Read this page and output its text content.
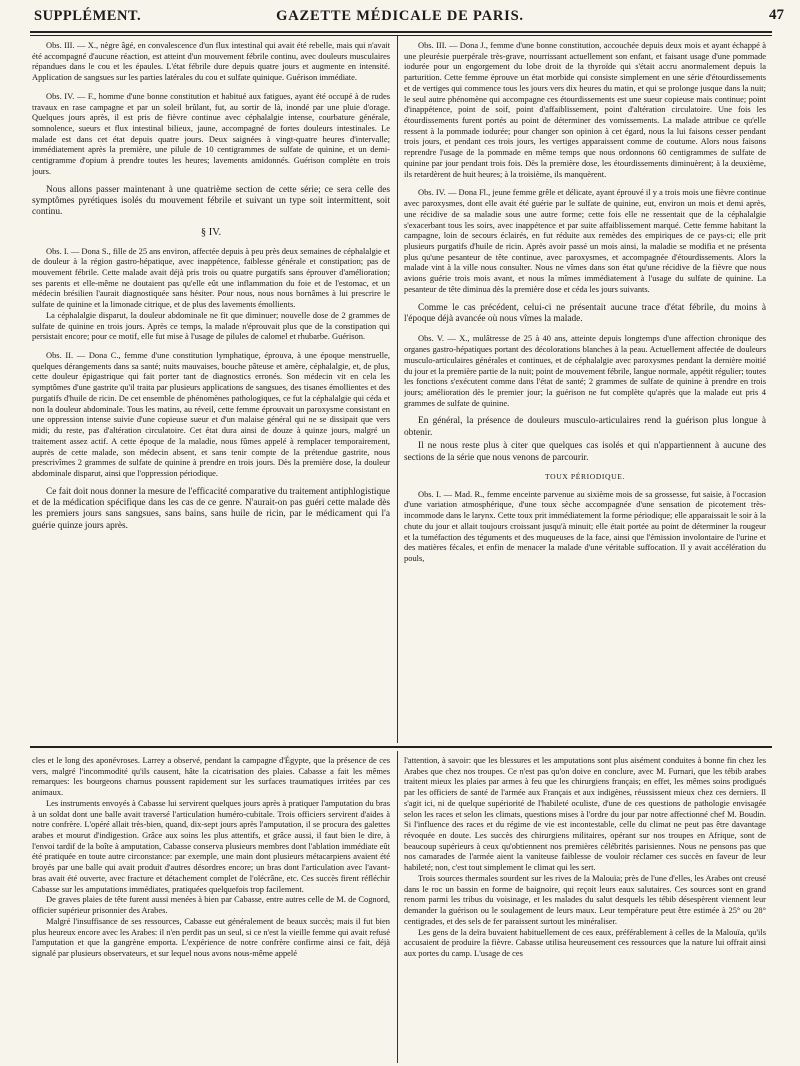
SUPPLÉMENT.	GAZETTE MÉDICALE DE PARIS.	47

Obs. III. — X., nègre âgé, en convalescence d'un flux intestinal qui avait été rebelle, mais qui n'avait été accompagné d'aucune réaction, est atteint d'un mouvement fébrile continu, avec douleurs musculaires répandues dans le cou et les épaules. L'état fébrile dure depuis quatre jours et augmente en intensité. Application de sangsues sur les parties latérales du cou et sulfate quinique. Guérison immédiate.

Obs. IV. — F., homme d'une bonne constitution et habitué aux fatigues, ayant été occupé à de rudes travaux en rase campagne et par un soleil brûlant, fut, au sortir de là, inondé par une pluie d'orage. Quelques jours après, il est pris de fièvre continue avec céphalalgie intense, courbature générale, somnolence, sueurs et flux intestinal bilieux, jaune, accompagné de fortes douleurs intestinales. Le malade est dans cet état depuis quatre jours. Deux saignées à vingt-quatre heures d'intervalle; immédiatement après la première, une pilule de 10 centigrammes de sulfate de quinine, et un demi-centigramme d'opium à prendre toutes les heures; lavements amidonnés. Guérison complète en trois jours.

Nous allons passer maintenant à une quatrième section de cette série; ce sera celle des symptômes pyrétiques isolés du mouvement fébrile et suivant un type soit intermittent, soit continu.

§ IV.

Obs. I. — Dona S., fille de 25 ans environ, affectée depuis à peu près deux semaines de céphalalgie et de douleur à la région gastro-hépatique, avec inappétence, faiblesse générale et constipation; pas de mouvement fébrile. Cette malade avait déjà pris trois ou quatre purgatifs sans éprouver d'amélioration; ses parents et elle-même ne doutaient pas qu'elle eût une inflammation du foie et de l'estomac, et un médecin brésilien l'aurait diagnostiquée sans hésiter. Pour nous, nous nous bornâmes à lui prescrire le sulfate de quinine et la limonade citrique, et de plus des lavements émollients.

La céphalalgie disparut, la douleur abdominale ne fit que diminuer; nouvelle dose de 2 grammes de sulfate de quinine en trois jours. Après ce temps, la malade n'éprouvait plus que de la constipation qui persistait encore; pour ce motif, elle fut mise à l'usage de pilules de calomel et rhubarbe. Guérison.

Obs. II. — Dona C., femme d'une constitution lymphatique, éprouva, à une époque menstruelle, quelques dérangements dans sa santé; nuits mauvaises, bouche pâteuse et amère, céphalalgie, et, de plus, cette douleur épigastrique qui fait porter tant de diagnostics erronés. Son médecin vit en cela les symptômes d'une gastrite qu'il traita par plusieurs applications de sangsues, des tisanes émollientes et des purgatifs d'huile de ricin. De cet ensemble de phénomènes pathologiques, ce fut la céphalalgie qui céda et non la douleur abdominale. Tous les matins, au réveil, cette femme éprouvait un paroxysme consistant en une oppression intense suivie d'une copieuse sueur et d'un malaise général qui ne se dissipait que vers midi; du reste, pas d'altération circulatoire. Cet état dura ainsi de douze à quinze jours, malgré un traitement assez actif. A cette époque de la maladie, nous fûmes appelé à remplacer temporairement, auprès de cette malade, son médecin absent, et sans tenir compte de la prétendue gastrite, nous prescrivîmes 2 grammes de sulfate de quinine à prendre en trois jours. Dès la première dose, la douleur abdominale disparut, ainsi que l'oppression périodique.

Ce fait doit nous donner la mesure de l'efficacité comparative du traitement antiphlogistique et de la médication spécifique dans les cas de ce genre. N'aurait-on pas guéri cette malade dès les premiers jours sans sangsues, sans bains, sans huile de ricin, par le médicament qui l'a guérie quinze jours après.

Obs. III. — Dona J., femme d'une bonne constitution, accouchée depuis deux mois et ayant échappé à une pleurésie puerpérale très-grave, nourrissant actuellement son enfant, et faisant usage d'une pommade iodurée pour un engorgement du lobe droit de la thyroïde qui s'était accru anormalement depuis la parturition. Cette femme éprouve un état morbide qui consiste simplement en une série d'étourdissements et de vertiges qui commence tous les jours vers dix heures du matin, et qui se prolonge jusque dans la nuit; le seul autre phénomène qui accompagne ces étourdissements est une sueur copieuse mais continue; point d'inappétence, point de soif, point d'affaiblissement, point d'altération circulatoire. Une fois les étourdissements furent portés au point de déterminer des vomissements. La malade attribue ce qu'elle ressent à la pommade iodurée; pour changer son opinion à cet égard, nous la lui faisons cesser pendant trois jours, et pendant ces trois jours, les vertiges apparaissent comme de coutume. Alors nous faisons reprendre l'usage de la pommade en même temps que nous ordonnons 60 centigrammes de sulfate de quinine par jour pendant trois fois. Dès la première dose, les étourdissements diminuèrent; à la deuxième, ils retardèrent de huit heures; à la troisième, ils manquèrent.

Obs. IV. — Dona Fl., jeune femme grêle et délicate, ayant éprouvé il y a trois mois une fièvre continue avec paroxysmes, dont elle avait été guérie par le sulfate de quinine, eut, environ un mois et demi après, une récidive de sa maladie sous une autre forme; cette fois elle ne ressentait que de la céphalalgie s'exacerbant tous les soirs, avec inappétence et par suite affaiblissement marqué. Cette femme habitant la campagne, loin de secours éclairés, en fut réduite aux remèdes des empiriques de ce pays-ci; elle prit plusieurs purgatifs d'huile de ricin. Après avoir passé un mois ainsi, la maladie se modifia et ne présenta plus qu'une pesanteur de tête continue, avec paroxysmes, et accompagnée d'étourdissements. Alors la malade vint à la ville nous consulter. Nous ne vîmes dans son état qu'une récidive de la fièvre que nous avions guérie trois mois avant, et nous la mîmes immédiatement à l'usage du sulfate de quinine. La pesanteur de tête diminua dès la première dose et céda les jours suivants.

Comme le cas précédent, celui-ci ne présentait aucune trace d'état fébrile, du moins à l'époque déjà avancée où nous vîmes la malade.

Obs. V. — X., mulâtresse de 25 à 40 ans, atteinte depuis longtemps d'une affection chronique des organes gastro-hépatiques portant des décolorations blanches à la peau. Actuellement affectée de douleurs musculo-articulaires générales et continues, et de céphalalgie avec paroxysmes pendant la dernière moitié du jour et la première partie de la nuit; point de mouvement fébrile, langue normale, appétit régulier; toutes les fonctions s'exécutent comme dans l'état de santé; 2 grammes de sulfate de quinine à prendre en trois jours; amélioration dès le premier jour; la guérison ne fut complète qu'après que la malade eut pris 4 grammes de sulfate de quinine.

En général, la présence de douleurs musculo-articulaires rend la guérison plus longue à obtenir.

Il ne nous reste plus à citer que quelques cas isolés et qui n'appartiennent à aucune des sections de la série que nous venons de parcourir.

TOUX PÉRIODIQUE.

Obs. I. — Mad. R., femme enceinte parvenue au sixième mois de sa grossesse, fut saisie, à l'occasion d'une variation atmosphérique, d'une toux sèche accompagnée d'une sensation de picotement très-incommode dans le larynx. Cette toux prit immédiatement la forme périodique; elle apparaissait le soir à la chute du jour et allait toujours croissant jusqu'à minuit; elle était portée au point de déterminer la rougeur et la tuméfaction des téguments et des muqueuses de la face, ainsi que l'émission involontaire de l'urine et des matières fécales, et enfin de menacer la malade d'une véritable suffocation. Il y avait accélération du pouls,

cles et le long des aponévroses. Larrey a observé, pendant la campagne d'Égypte, que la présence de ces vers, malgré l'incommodité qu'ils causent, hâte la cicatrisation des plaies. Cabasse a fait les mêmes remarques: les bourgeons charnus poussent rapidement sur les surfaces traumatiques irritées par ces animaux.

Les instruments envoyés à Cabasse lui servirent quelques jours après à pratiquer l'amputation du bras à un soldat dont une balle avait traversé l'articulation huméro-cubitale. Trois officiers servirent d'aides à notre confrère. L'opéré allait très-bien, quand, dix-sept jours après l'amputation, il se procura des galettes arabes et mourut d'indigestion. Grâce aux soins les plus attentifs, et grâce aussi, il faut bien le dire, à l'envoi tardif de la boîte à amputation, Cabasse conserva plusieurs membres dont l'ablation immédiate eût été pratiquée en toute autre circonstance: par exemple, une main dont plusieurs métacarpiens avaient été broyés par une balle qui avait produit d'autres désordres encore; un bras dont l'articulation avec l'avant-bras avait été ouverte, avec fracture et détachement complet de l'olécrâne, etc. Ces succès firent réfléchir Cabasse sur les amputations immédiates, pratiquées quelquefois trop facilement.

De graves plaies de tête furent aussi menées à bien par Cabasse, entre autres celle de M. de Cognord, officier supérieur prisonnier des Arabes.

Malgré l'insuffisance de ses ressources, Cabasse eut généralement de beaux succès; mais il fut bien plus heureux encore avec les Arabes: il n'en perdit pas un seul, si ce n'est la vieille femme qui avait refusé l'amputation et que la gangrène emporta. L'expérience de notre confrère confirme ainsi ce fait, déjà signalé par plusieurs observateurs, et sur lequel nous avons nous-même appelé

l'attention, à savoir: que les blessures et les amputations sont plus aisément conduites à bonne fin chez les Arabes que chez nos troupes. Ce n'est pas qu'on doive en conclure, avec M. Furnari, que les tébib arabes traitent mieux les plaies par armes à feu que les chirurgiens français; en effet, les mêmes soins prodigués par les officiers de santé de l'armée aux Français et aux indigènes, réussissent mieux chez ces derniers. Il s'agit ici, ni de quelque supériorité de l'habileté oculiste, d'une de ces questions de pathologie envisagée selon les races et selon les climats, questions mises à l'ordre du jour par notre affectionné chef M. Boudin. Si l'influence des races et du régime de vie est incontestable, celle du climat ne peut pas être davantage révoquée en doute. Les succès des chirurgiens militaires, opérant sur nos troupes en Afrique, sont de beaucoup supérieurs à ceux qu'obtiennent nos premières célébrités parisiennes. Nous ne pensons pas que nos camarades de l'armée aient la vaniteuse faiblesse de vouloir réclamer ces succès en faveur de leur habileté; non, c'est tout simplement le climat qui les sert.

Trois sources thermales sourdent sur les rives de la Malouïa; près de l'une d'elles, les Arabes ont creusé dans le roc un bassin en forme de baignoire, qui reçoit leurs eaux salutaires. Ces sources sont en grand renom parmi les tribus du voisinage, et les malades du salut desquels les tébib désespèrent viennent leur demander la guérison ou le soulagement de leurs maux. Leur température peut être estimée à 25° ou 28° centigrades, et des sels de fer paraissent surtout les minéraliser.

Les gens de la deïra buvaient habituellement de ces eaux, préférablement à celles de la Malouïa, qu'ils accusaient de produire la fièvre. Cabasse utilisa heureusement ces ressources que la nature lui offrait ainsi aux portes du camp. L'usage de ces
